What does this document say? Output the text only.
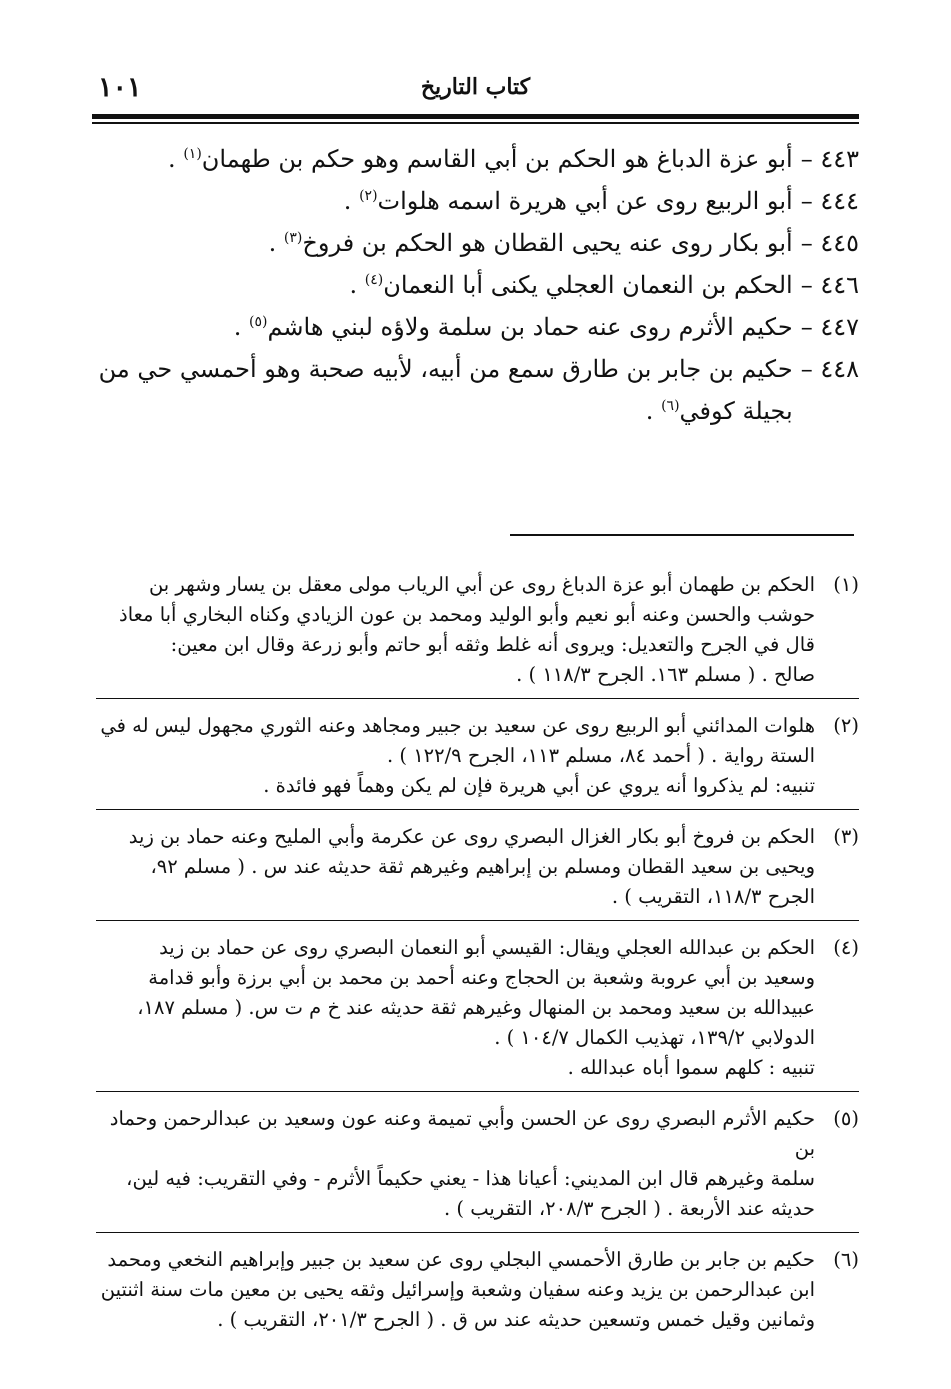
١٠١	كتاب التاريخ
٤٤٣ –
أبو عزة الدباغ هو الحكم بن أبي القاسم وهو حكم بن طهمان$^{(١)}$ .
٤٤٤ –
أبو الربيع روى عن أبي هريرة اسمه هلوات$^{(٢)}$ .
٤٤٥ –
أبو بكار روى عنه يحيى القطان هو الحكم بن فروخ$^{(٣)}$ .
٤٤٦ –
الحكم بن النعمان العجلي يكنى أبا النعمان$^{(٤)}$ .
٤٤٧ –
حكيم الأثرم روى عنه حماد بن سلمة ولاؤه لبني هاشم$^{(٥)}$ .
٤٤٨ –
حكيم بن جابر بن طارق سمع من أبيه، لأبيه صحبة وهو أحمسي حي من بجيلة كوفي$^{(٦)}$ .
(١)
الحكم بن طهمان أبو عزة الدباغ روى عن أبي الرياب مولى معقل بن يسار وشهر بن
حوشب والحسن وعنه أبو نعيم وأبو الوليد ومحمد بن عون الزيادي وكناه البخاري أبا معاذ
قال في الجرح والتعديل: ويروى أنه غلط وثقه أبو حاتم وأبو زرعة وقال ابن معين:
صالح . ( مسلم ١٦٣. الجرح ١١٨/٣ ) .
(٢)
هلوات المدائني أبو الربيع روى عن سعيد بن جبير ومجاهد وعنه الثوري مجهول ليس له في
الستة رواية . ( أحمد ٨٤، مسلم ١١٣، الجرح ١٢٢/٩ ) .
تنبيه: لم يذكروا أنه يروي عن أبي هريرة فإن لم يكن وهماً فهو فائدة .
(٣)
الحكم بن فروخ أبو بكار الغزال البصري روى عن عكرمة وأبي المليح وعنه حماد بن زيد
ويحيى بن سعيد القطان ومسلم بن إبراهيم وغيرهم ثقة حديثه عند س . ( مسلم ٩٢،
الجرح ١١٨/٣، التقريب ) .
(٤)
الحكم بن عبدالله العجلي ويقال: القيسي أبو النعمان البصري روى عن حماد بن زيد
وسعيد بن أبي عروبة وشعبة بن الحجاج وعنه أحمد بن محمد بن أبي برزة وأبو قدامة
عبيدالله بن سعيد ومحمد بن المنهال وغيرهم ثقة حديثه عند خ م ت س. ( مسلم ١٨٧،
الدولابي ١٣٩/٢، تهذيب الكمال ١٠٤/٧ ) .
تنبيه : كلهم سموا أباه عبدالله .
(٥)
حكيم الأثرم البصري روى عن الحسن وأبي تميمة وعنه عون وسعيد بن عبدالرحمن وحماد بن
سلمة وغيرهم قال ابن المديني: أعيانا هذا - يعني حكيماً الأثرم - وفي التقريب: فيه لين،
حديثه عند الأربعة . ( الجرح ٢٠٨/٣، التقريب ) .
(٦)
حكيم بن جابر بن طارق الأحمسي البجلي روى عن سعيد بن جبير وإبراهيم النخعي ومحمد
ابن عبدالرحمن بن يزيد وعنه سفيان وشعبة وإسرائيل وثقه يحيى بن معين مات سنة اثنتين
وثمانين وقيل خمس وتسعين حديثه عند س ق . ( الجرح ٢٠١/٣، التقريب ) .
